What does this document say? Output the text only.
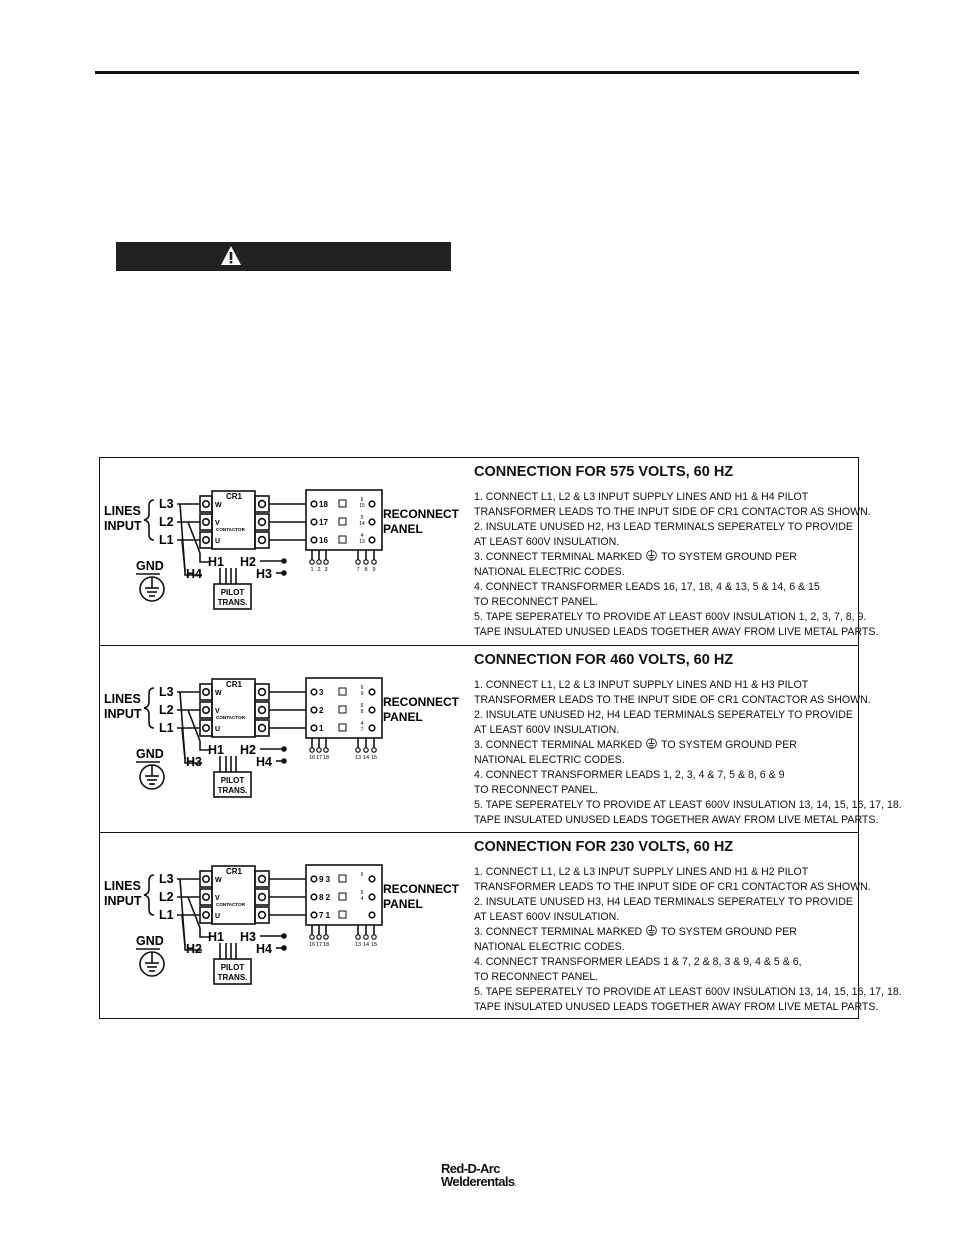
LINES
INPUT
L3
L2
L1
CR1
W
V
CONTACTOR
U
H1 H2
H4	H3
PILOT
TRANS.
GND
18	6
15
17	5
14
16	4
13
RECONNECT
PANEL
1 2 3	7 8 9
CONNECTION FOR 575 VOLTS, 60 HZ
1. CONNECT L1, L2 & L3 INPUT SUPPLY LINES AND H1 & H4 PILOT
TRANSFORMER LEADS TO THE INPUT SIDE OF CR1 CONTACTOR AS SHOWN.
2. INSULATE UNUSED H2, H3 LEAD TERMINALS SEPERATELY TO PROVIDE
AT LEAST 600V INSULATION.
3. CONNECT TERMINAL MARKED TO SYSTEM GROUND PER
NATIONAL ELECTRIC CODES.
4. CONNECT TRANSFORMER LEADS 16, 17, 18, 4 & 13, 5 & 14, 6 & 15
TO RECONNECT PANEL.
5. TAPE SEPERATELY TO PROVIDE AT LEAST 600V INSULATION 1, 2, 3, 7, 8, 9.
TAPE INSULATED UNUSED LEADS TOGETHER AWAY FROM LIVE METAL PARTS.
LINES
INPUT
L3
L2
L1
CR1
W
V
CONTACTOR
U
H1 H2
H3	H4
PILOT
TRANS.
GND
3	6
9
2	5
8
1	4
7
RECONNECT
PANEL
16 17 18	13 14 15
CONNECTION FOR 460 VOLTS, 60 HZ
1. CONNECT L1, L2 & L3 INPUT SUPPLY LINES AND H1 & H3 PILOT
TRANSFORMER LEADS TO THE INPUT SIDE OF CR1 CONTACTOR AS SHOWN.
2. INSULATE UNUSED H2, H4 LEAD TERMINALS SEPERATELY TO PROVIDE
AT LEAST 600V INSULATION.
3. CONNECT TERMINAL MARKED TO SYSTEM GROUND PER
NATIONAL ELECTRIC CODES.
4. CONNECT TRANSFORMER LEADS 1, 2, 3, 4 & 7, 5 & 8, 6 & 9
TO RECONNECT PANEL.
5. TAPE SEPERATELY TO PROVIDE AT LEAST 600V INSULATION 13, 14, 15, 16, 17, 18.
TAPE INSULATED UNUSED LEADS TOGETHER AWAY FROM LIVE METAL PARTS.
LINES
INPUT
L3
L2
L1
CR1
W
V
CONTACTOR
U
H1 H3
H2	H4
PILOT
TRANS.
GND
9 3	6
8 2	5
4
7 1
RECONNECT
PANEL
16 17 18	13 14 15
CONNECTION FOR 230 VOLTS, 60 HZ
1. CONNECT L1, L2 & L3 INPUT SUPPLY LINES AND H1 & H2 PILOT
TRANSFORMER LEADS TO THE INPUT SIDE OF CR1 CONTACTOR AS SHOWN.
2. INSULATE UNUSED H3, H4 LEAD TERMINALS SEPERATELY TO PROVIDE
AT LEAST 600V INSULATION.
3. CONNECT TERMINAL MARKED TO SYSTEM GROUND PER
NATIONAL ELECTRIC CODES.
4. CONNECT TRANSFORMER LEADS 1 & 7, 2 & 8, 3 & 9, 4 & 5 & 6,
TO RECONNECT PANEL.
5. TAPE SEPERATELY TO PROVIDE AT LEAST 600V INSULATION 13, 14, 15, 16, 17, 18.
TAPE INSULATED UNUSED LEADS TOGETHER AWAY FROM LIVE METAL PARTS.
Red-D-Arc
Welderentals.
